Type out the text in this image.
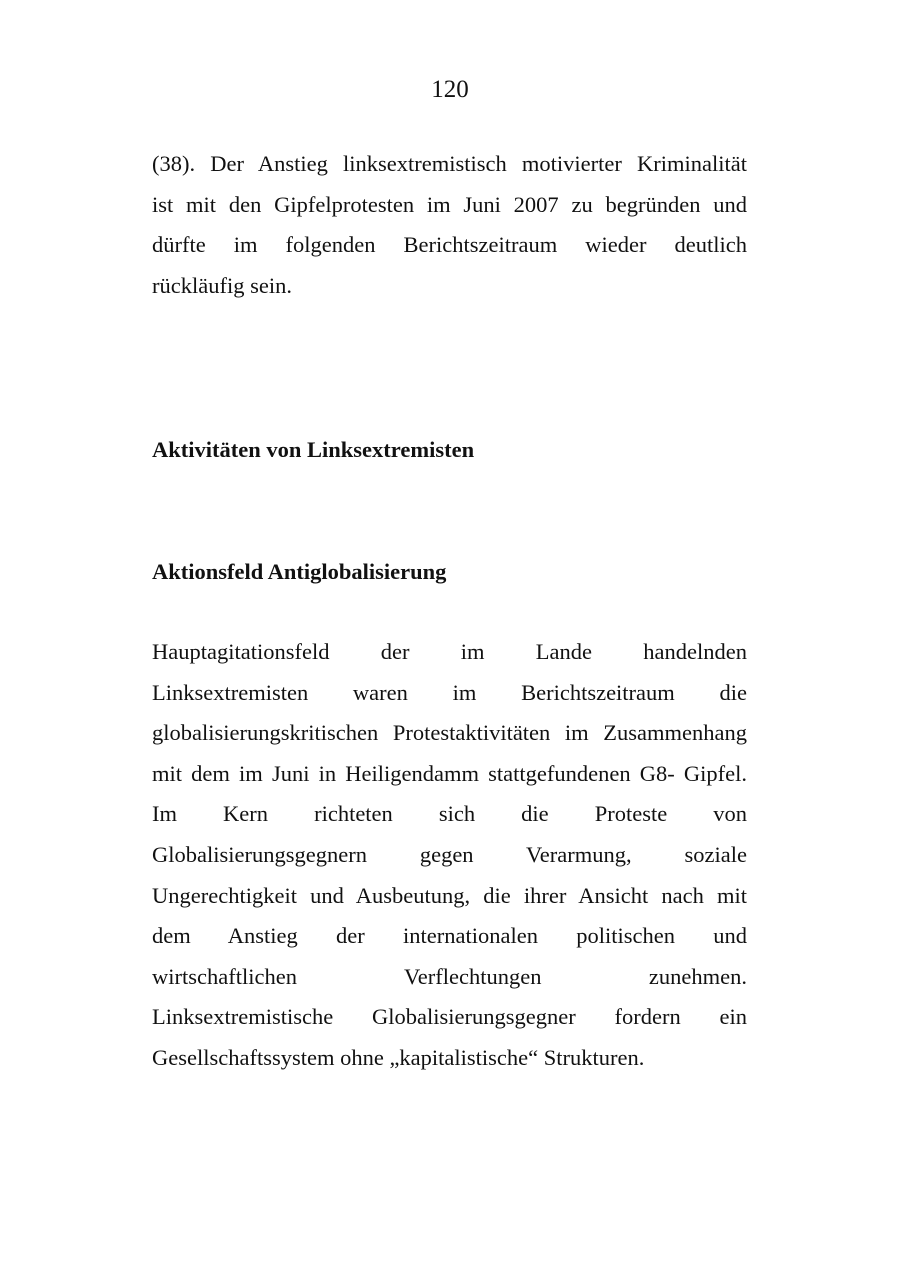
120
(38). Der Anstieg linksextremistisch motivierter Kriminalität
ist mit den Gipfelprotesten im Juni 2007 zu begründen und
dürfte im folgenden Berichtszeitraum wieder deutlich
rückläufig sein.
Aktivitäten von Linksextremisten
Aktionsfeld Antiglobalisierung
Hauptagitationsfeld der im Lande handelnden
Linksextremisten waren im Berichtszeitraum die
globalisierungskritischen Protestaktivitäten im Zusammenhang
mit dem im Juni in Heiligendamm stattgefundenen G8- Gipfel.
Im Kern richteten sich die Proteste von
Globalisierungsgegnern gegen Verarmung, soziale
Ungerechtigkeit und Ausbeutung, die ihrer Ansicht nach mit
dem Anstieg der internationalen politischen und
wirtschaftlichen Verflechtungen zunehmen.
Linksextremistische Globalisierungsgegner fordern ein
Gesellschaftssystem ohne „kapitalistische“ Strukturen.
